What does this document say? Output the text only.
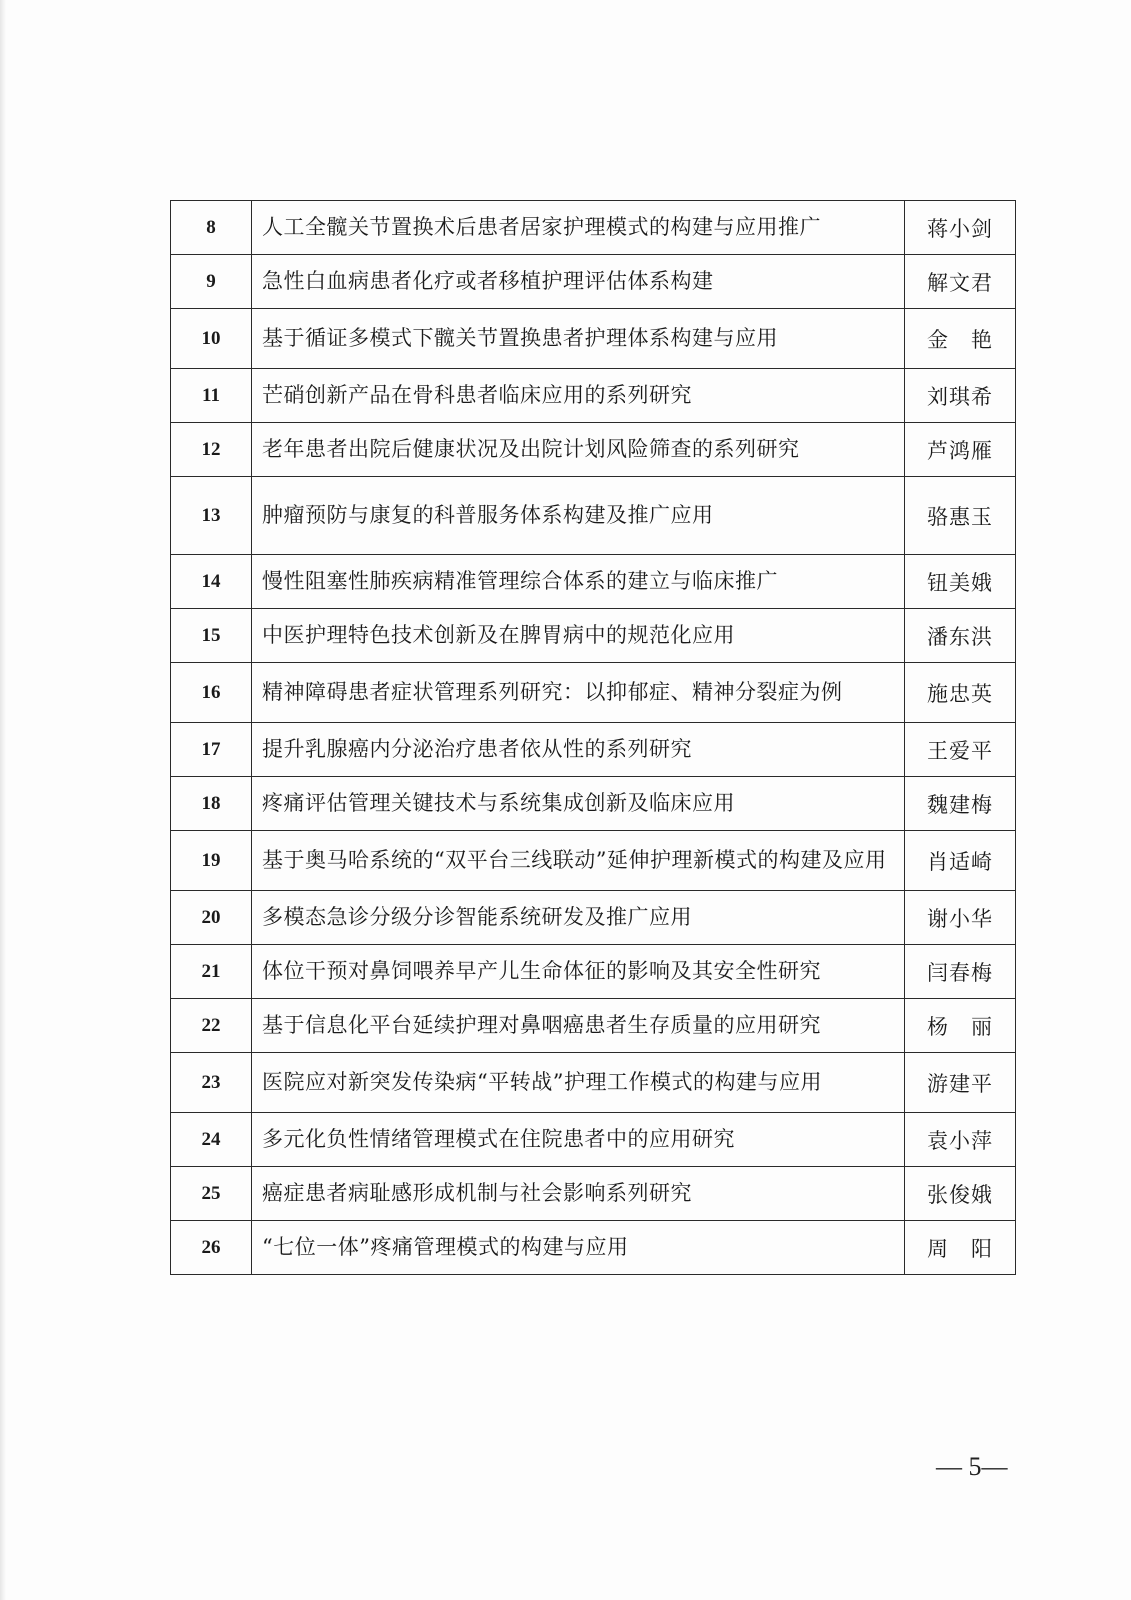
8	人工全髋关节置换术后患者居家护理模式的构建与应用推广	蒋小剑
9	急性白血病患者化疗或者移植护理评估体系构建	解文君
10	基于循证多模式下髋关节置换患者护理体系构建与应用	金　艳
11	芒硝创新产品在骨科患者临床应用的系列研究	刘琪希
12	老年患者出院后健康状况及出院计划风险筛查的系列研究	芦鸿雁
13	肿瘤预防与康复的科普服务体系构建及推广应用	骆惠玉
14	慢性阻塞性肺疾病精准管理综合体系的建立与临床推广	钮美娥
15	中医护理特色技术创新及在脾胃病中的规范化应用	潘东洪
16	精神障碍患者症状管理系列研究：以抑郁症、精神分裂症为例	施忠英
17	提升乳腺癌内分泌治疗患者依从性的系列研究	王爱平
18	疼痛评估管理关键技术与系统集成创新及临床应用	魏建梅
19	基于奥马哈系统的“双平台三线联动”延伸护理新模式的构建及应用	肖适崎
20	多模态急诊分级分诊智能系统研发及推广应用	谢小华
21	体位干预对鼻饲喂养早产儿生命体征的影响及其安全性研究	闫春梅
22	基于信息化平台延续护理对鼻咽癌患者生存质量的应用研究	杨　丽
23	医院应对新突发传染病“平转战”护理工作模式的构建与应用	游建平
24	多元化负性情绪管理模式在住院患者中的应用研究	袁小萍
25	癌症患者病耻感形成机制与社会影响系列研究	张俊娥
26	“七位一体”疼痛管理模式的构建与应用	周　阳
— 5—
